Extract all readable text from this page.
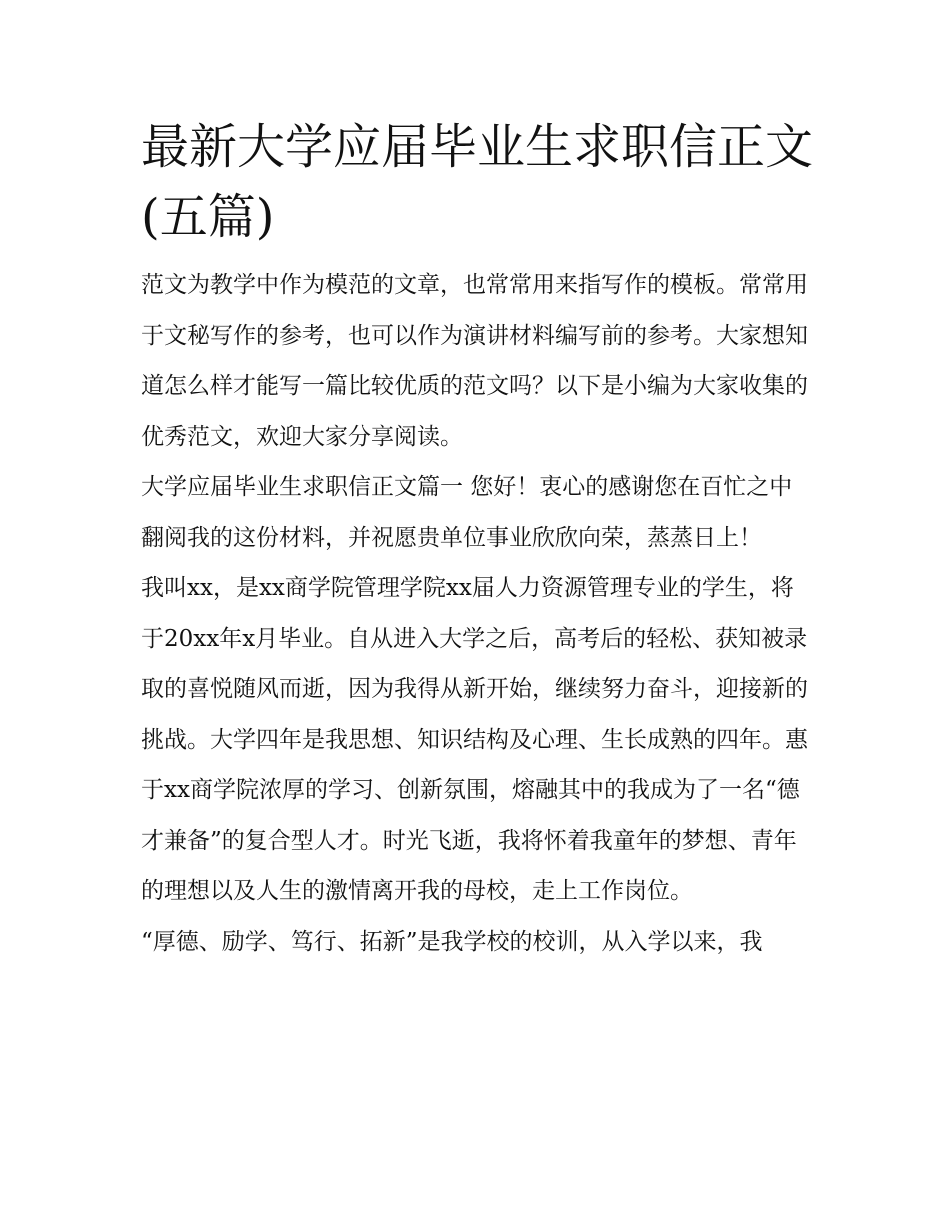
最新大学应届毕业生求职信正文(五篇)

范文为教学中作为模范的文章，也常常用来指写作的模板。常常用于文秘写作的参考，也可以作为演讲材料编写前的参考。大家想知道怎么样才能写一篇比较优质的范文吗？以下是小编为大家收集的优秀范文，欢迎大家分享阅读。

大学应届毕业生求职信正文篇一 您好！衷心的感谢您在百忙之中翻阅我的这份材料，并祝愿贵单位事业欣欣向荣，蒸蒸日上！

我叫xx，是xx商学院管理学院xx届人力资源管理专业的学生，将于20xx年x月毕业。自从进入大学之后，高考后的轻松、获知被录取的喜悦随风而逝，因为我得从新开始，继续努力奋斗，迎接新的挑战。大学四年是我思想、知识结构及心理、生长成熟的四年。惠于xx商学院浓厚的学习、创新氛围，熔融其中的我成为了一名“德才兼备”的复合型人才。时光飞逝，我将怀着我童年的梦想、青年的理想以及人生的激情离开我的母校，走上工作岗位。

“厚德、励学、笃行、拓新”是我学校的校训，从入学以来，我
